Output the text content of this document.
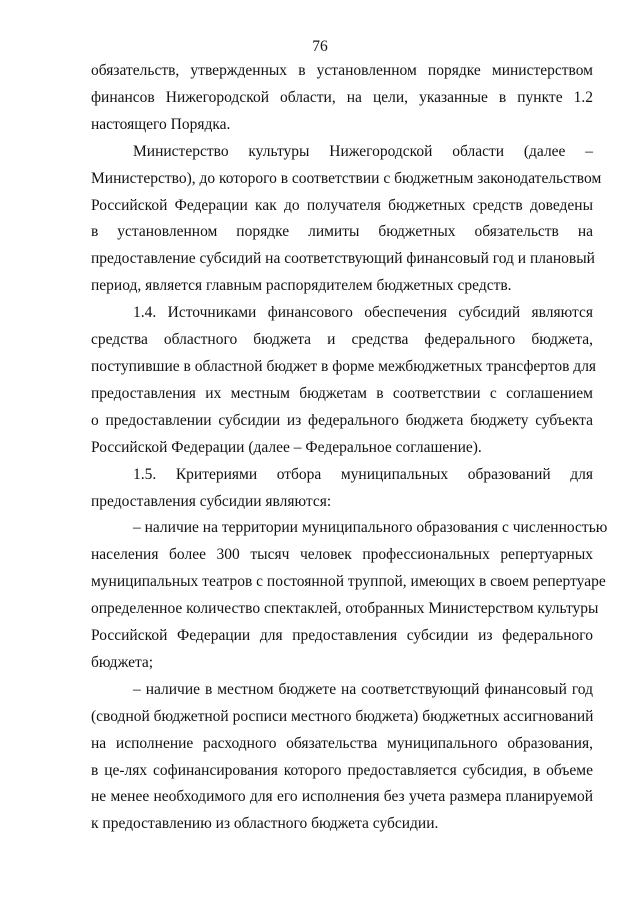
76

обязательств, утвержденных в установленном порядке министерством
финансов Нижегородской области, на цели, указанные в пункте 1.2
настоящего Порядка.

Министерство культуры Нижегородской области (далее –
Министерство), до которого в соответствии с бюджетным законодательством
Российской Федерации как до получателя бюджетных средств доведены
в установленном порядке лимиты бюджетных обязательств на
предоставление субсидий на соответствующий финансовый год и плановый
период, является главным распорядителем бюджетных средств.

1.4. Источниками финансового обеспечения субсидий являются
средства областного бюджета и средства федерального бюджета,
поступившие в областной бюджет в форме межбюджетных трансфертов для
предоставления их местным бюджетам в соответствии с соглашением
о предоставлении субсидии из федерального бюджета бюджету субъекта
Российской Федерации (далее – Федеральное соглашение).

1.5. Критериями отбора муниципальных образований для
предоставления субсидии являются:

– наличие на территории муниципального образования с численностью
населения более 300 тысяч человек профессиональных репертуарных
муниципальных театров с постоянной труппой, имеющих в своем репертуаре
определенное количество спектаклей, отобранных Министерством культуры
Российской Федерации для предоставления субсидии из федерального
бюджета;

– наличие в местном бюджете на соответствующий финансовый год
(сводной бюджетной росписи местного бюджета) бюджетных ассигнований
на исполнение расходного обязательства муниципального образования,
в це-лях софинансирования которого предоставляется субсидия, в объеме
не менее необходимого для его исполнения без учета размера планируемой
к предоставлению из областного бюджета субсидии.
